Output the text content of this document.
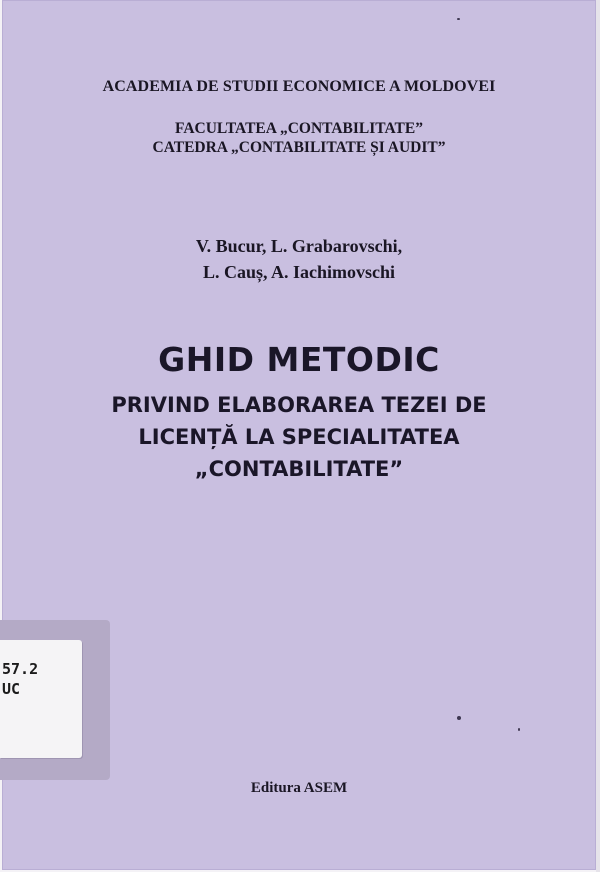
ACADEMIA DE STUDII ECONOMICE A MOLDOVEI
FACULTATEA „CONTABILITATE”
CATEDRA „CONTABILITATE ȘI AUDIT”
V. Bucur, L. Grabarovschi,
L. Cauș, A. Iachimovschi
GHID METODIC
PRIVIND ELABORAREA TEZEI DE
LICENȚĂ LA SPECIALITATEA
„CONTABILITATE”
Editura ASEM
57.2
UC
